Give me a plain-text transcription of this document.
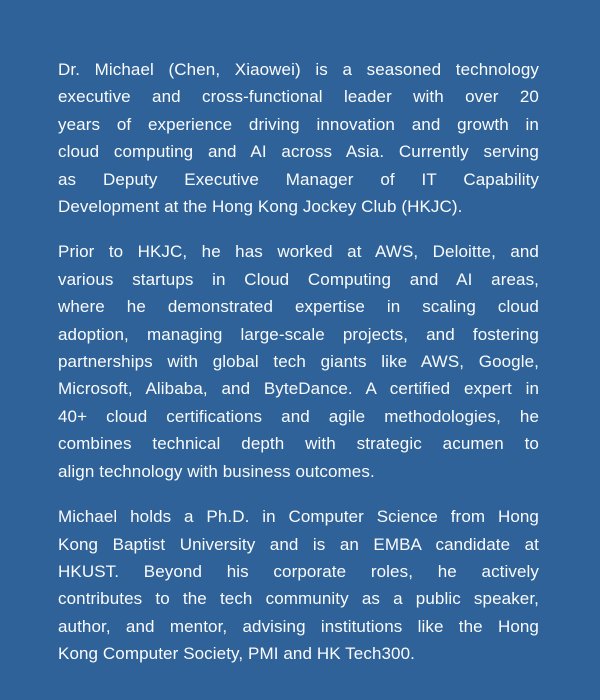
Dr. Michael (Chen, Xiaowei) is a seasoned technology
executive and cross-functional leader with over 20
years of experience driving innovation and growth in
cloud computing and AI across Asia. Currently serving
as Deputy Executive Manager of IT Capability
Development at the Hong Kong Jockey Club (HKJC).
Prior to HKJC, he has worked at AWS, Deloitte, and
various startups in Cloud Computing and AI areas,
where he demonstrated expertise in scaling cloud
adoption, managing large-scale projects, and fostering
partnerships with global tech giants like AWS, Google,
Microsoft, Alibaba, and ByteDance. A certified expert in
40+ cloud certifications and agile methodologies, he
combines technical depth with strategic acumen to
align technology with business outcomes.
Michael holds a Ph.D. in Computer Science from Hong
Kong Baptist University and is an EMBA candidate at
HKUST. Beyond his corporate roles, he actively
contributes to the tech community as a public speaker,
author, and mentor, advising institutions like the Hong
Kong Computer Society, PMI and HK Tech300.
